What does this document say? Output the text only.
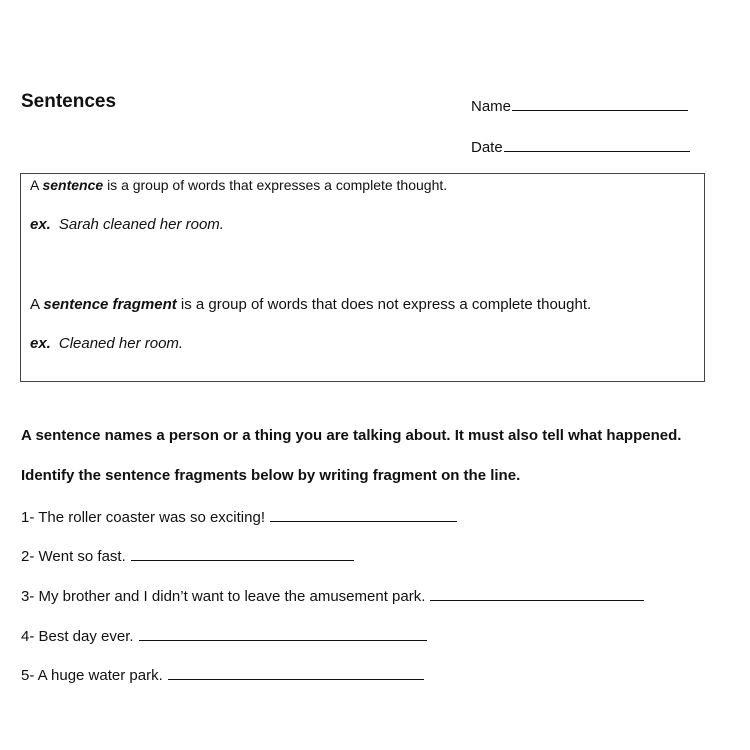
Sentences	Name
Date
A sentence is a group of words that expresses a complete thought.
ex. Sarah cleaned her room.
A sentence fragment is a group of words that does not express a complete thought.
ex. Cleaned her room.

A sentence names a person or a thing you are talking about. It must also tell what happened.

Identify the sentence fragments below by writing fragment on the line.

1- The roller coaster was so exciting!
2- Went so fast.
3- My brother and I didn’t want to leave the amusement park.
4- Best day ever.
5- A huge water park.
